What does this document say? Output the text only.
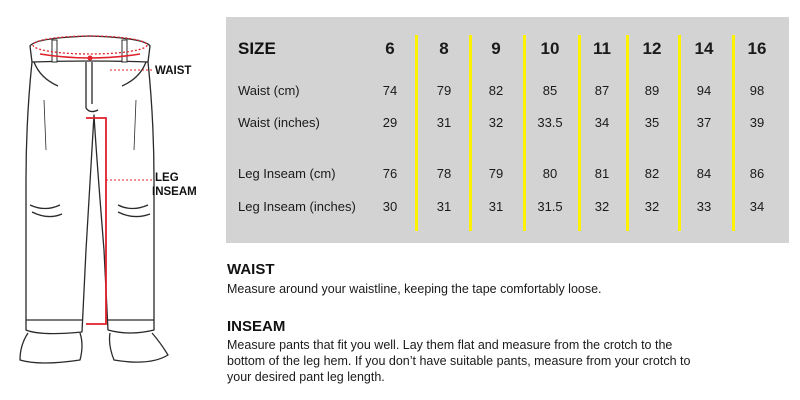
WAIST
LEG
INSEAM
SIZE	6	8	9	10	11	12	14	16
Waist (cm)	74	79	82	85	87	89	94	98
Waist (inches)	29	31	32	33.5	34	35	37	39
Leg Inseam (cm)	76	78	79	80	81	82	84	86
Leg Inseam (inches)	30	31	31	31.5	32	32	33	34
WAIST
Measure around your waistline, keeping the tape comfortably loose.
INSEAM
Measure pants that fit you well. Lay them flat and measure from the crotch to the
bottom of the leg hem. If you don’t have suitable pants, measure from your crotch to
your desired pant leg length.
